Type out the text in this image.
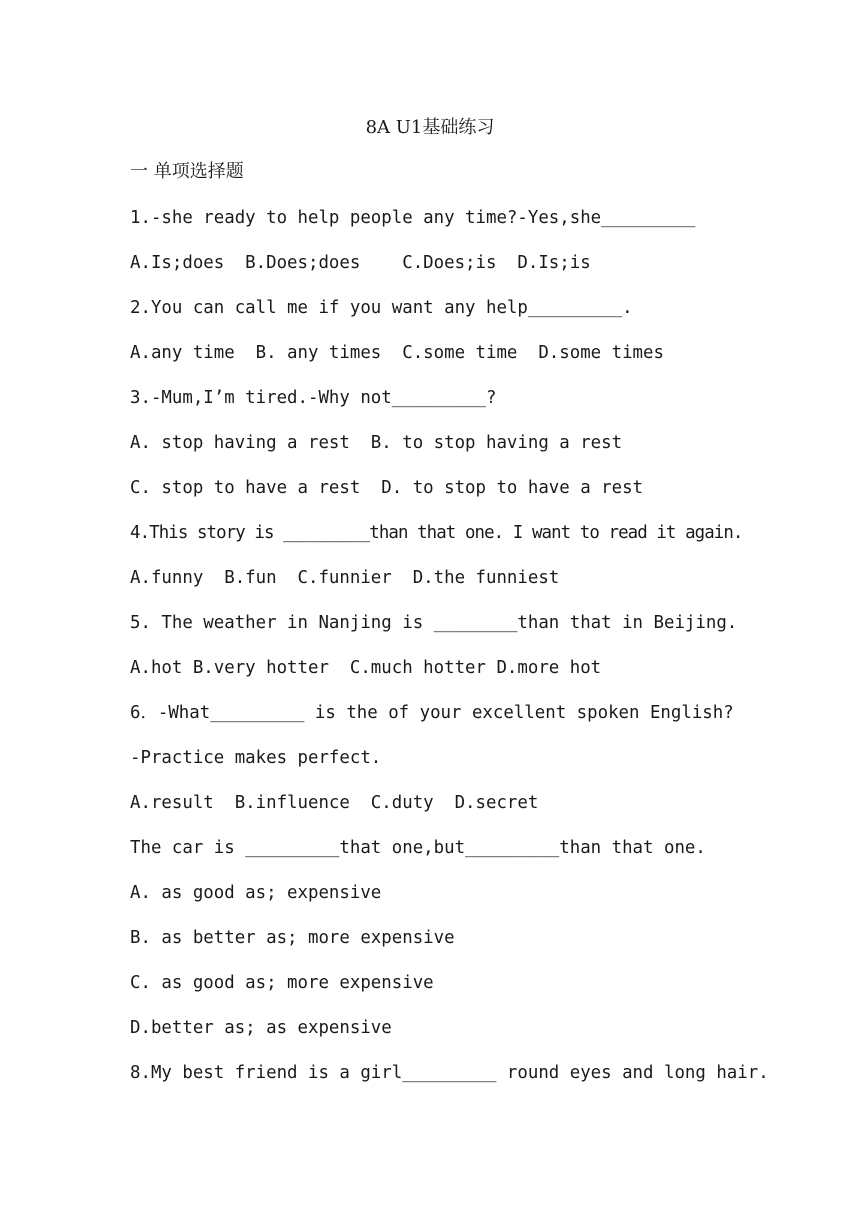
8A U1基础练习
一 单项选择题
1.-she ready to help people any time?-Yes,she_________
A.Is;does  B.Does;does    C.Does;is  D.Is;is
2.You can call me if you want any help_________.
A.any time  B. any times  C.some time  D.some times
3.-Mum,I’m tired.-Why not_________?
A. stop having a rest  B. to stop having a rest
C. stop to have a rest  D. to stop to have a rest
4.This story is _________than that one. I want to read it again.
A.funny  B.fun  C.funnier  D.the funniest
5. The weather in Nanjing is ________than that in Beijing.
A.hot B.very hotter  C.much hotter D.more hot
6．-What_________ is the of your excellent spoken English?
-Practice makes perfect.
A.result  B.influence  C.duty  D.secret
The car is _________that one,but_________than that one.
A. as good as; expensive
B. as better as; more expensive
C. as good as; more expensive
D.better as; as expensive
8.My best friend is a girl_________ round eyes and long hair.
